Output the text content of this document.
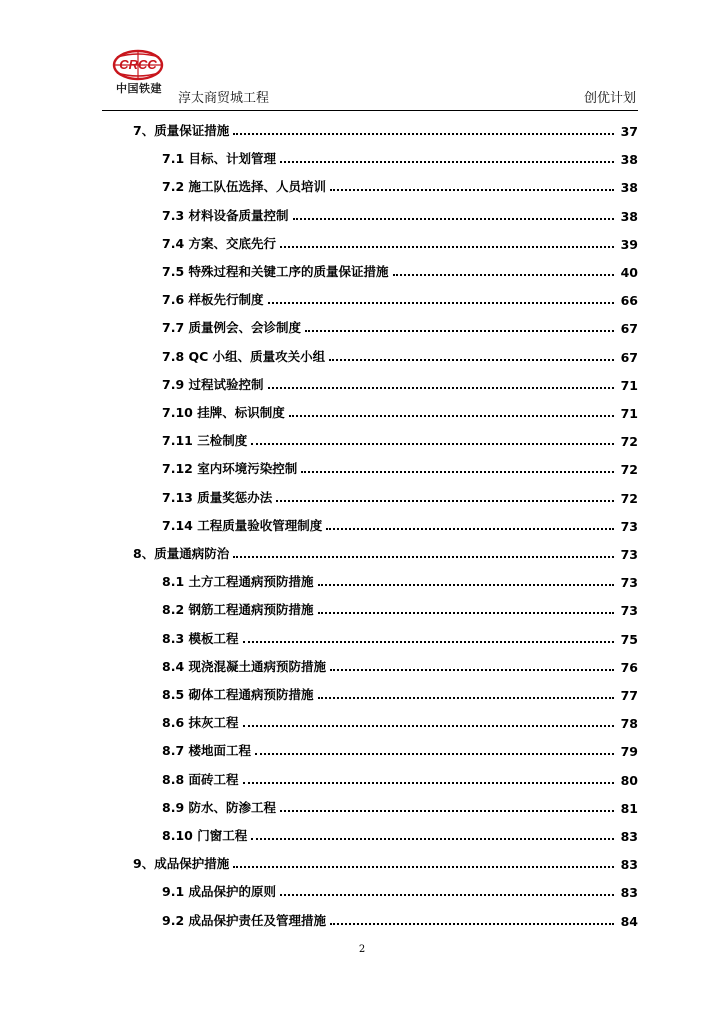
CRCC
中国铁建
淳太商贸城工程	创优计划
7、质量保证措施	37
7.1 目标、计划管理	38
7.2 施工队伍选择、人员培训	38
7.3 材料设备质量控制	38
7.4 方案、交底先行	39
7.5 特殊过程和关键工序的质量保证措施	40
7.6 样板先行制度	66
7.7 质量例会、会诊制度	67
7.8 QC 小组、质量攻关小组	67
7.9 过程试验控制	71
7.10 挂牌、标识制度	71
7.11 三检制度	72
7.12 室内环境污染控制	72
7.13 质量奖惩办法	72
7.14 工程质量验收管理制度	73
8、质量通病防治	73
8.1 土方工程通病预防措施	73
8.2 钢筋工程通病预防措施	73
8.3 模板工程	75
8.4 现浇混凝土通病预防措施	76
8.5 砌体工程通病预防措施	77
8.6 抹灰工程	78
8.7 楼地面工程	79
8.8 面砖工程	80
8.9 防水、防渗工程	81
8.10 门窗工程	83
9、成品保护措施	83
9.1 成品保护的原则	83
9.2 成品保护责任及管理措施	84
2
